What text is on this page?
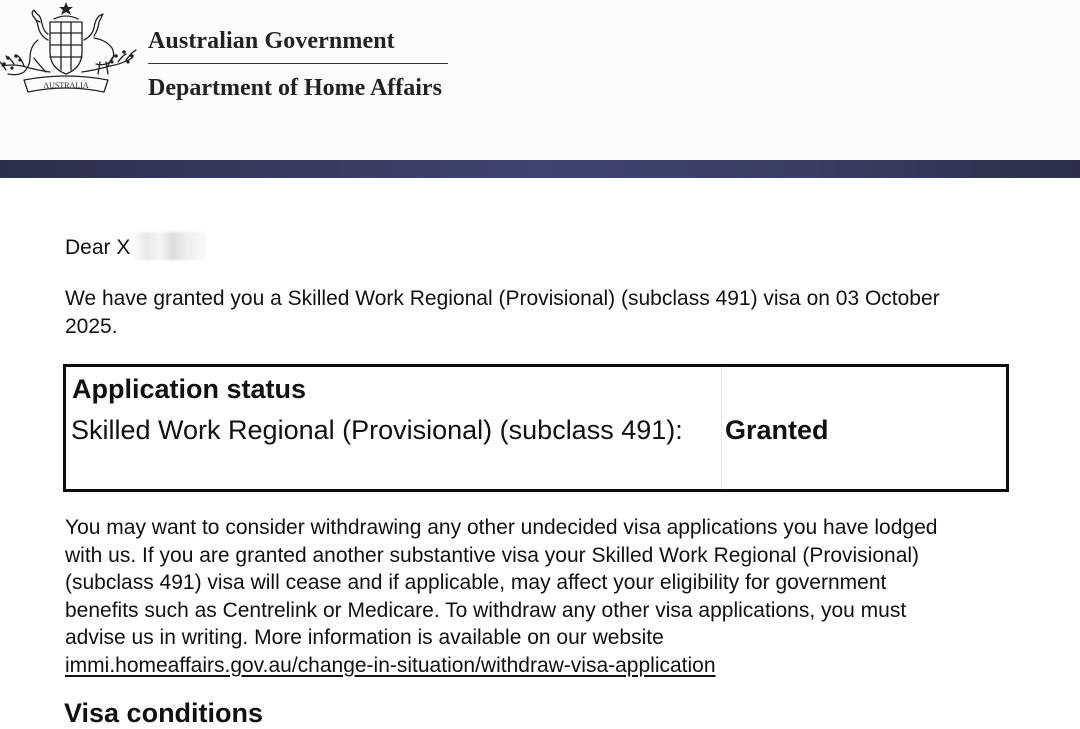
AUSTRALIA
Australian Government
Department of Home Affairs

Dear X

We have granted you a Skilled Work Regional (Provisional) (subclass 491) visa on 03 October 2025.

Application status

Skilled Work Regional (Provisional) (subclass 491):	Granted

You may want to consider withdrawing any other undecided visa applications you have lodged with us. If you are granted another substantive visa your Skilled Work Regional (Provisional) (subclass 491) visa will cease and if applicable, may affect your eligibility for government benefits such as Centrelink or Medicare. To withdraw any other visa applications, you must advise us in writing. More information is available on our website immi.homeaffairs.gov.au/change-in-situation/withdraw-visa-application

Visa conditions
